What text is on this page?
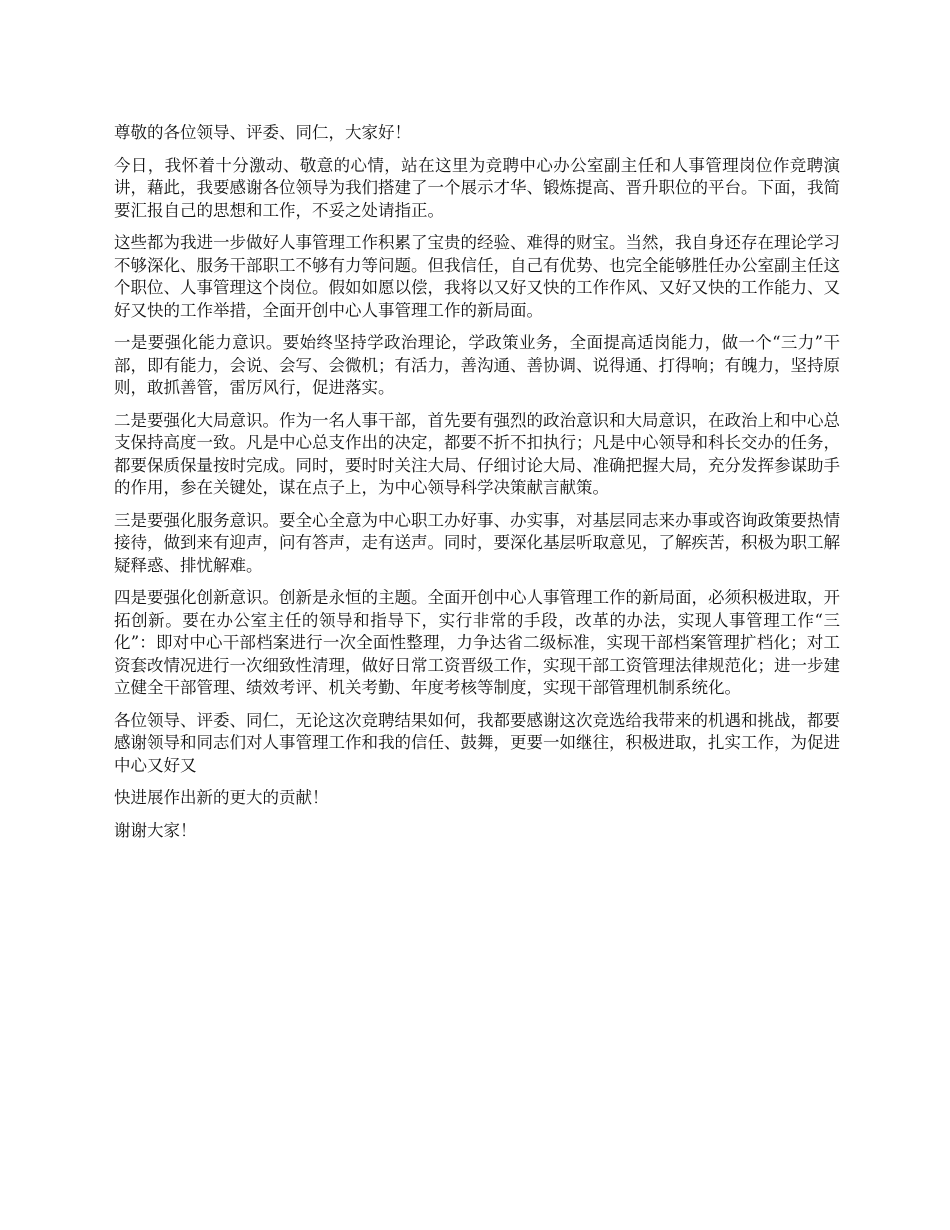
尊敬的各位领导、评委、同仁，大家好！

今日，我怀着十分激动、敬意的心情，站在这里为竞聘中心办公室副主任和人事管理岗位作竞聘演讲，藉此，我要感谢各位领导为我们搭建了一个展示才华、锻炼提高、晋升职位的平台。下面，我简要汇报自己的思想和工作，不妥之处请指正。

这些都为我进一步做好人事管理工作积累了宝贵的经验、难得的财宝。当然，我自身还存在理论学习不够深化、服务干部职工不够有力等问题。但我信任，自己有优势、也完全能够胜任办公室副主任这个职位、人事管理这个岗位。假如如愿以偿，我将以又好又快的工作作风、又好又快的工作能力、又好又快的工作举措，全面开创中心人事管理工作的新局面。

一是要强化能力意识。要始终坚持学政治理论，学政策业务，全面提高适岗能力，做一个“三力”干部，即有能力，会说、会写、会微机；有活力，善沟通、善协调、说得通、打得响；有魄力，坚持原则，敢抓善管，雷厉风行，促进落实。

二是要强化大局意识。作为一名人事干部，首先要有强烈的政治意识和大局意识，在政治上和中心总支保持高度一致。凡是中心总支作出的决定，都要不折不扣执行；凡是中心领导和科长交办的任务，都要保质保量按时完成。同时，要时时关注大局、仔细讨论大局、准确把握大局，充分发挥参谋助手的作用，参在关键处，谋在点子上，为中心领导科学决策献言献策。

三是要强化服务意识。要全心全意为中心职工办好事、办实事，对基层同志来办事或咨询政策要热情接待，做到来有迎声，问有答声，走有送声。同时，要深化基层听取意见，了解疾苦，积极为职工解疑释惑、排忧解难。

四是要强化创新意识。创新是永恒的主题。全面开创中心人事管理工作的新局面，必须积极进取，开拓创新。要在办公室主任的领导和指导下，实行非常的手段，改革的办法，实现人事管理工作“三化”：即对中心干部档案进行一次全面性整理，力争达省二级标准，实现干部档案管理扩档化；对工资套改情况进行一次细致性清理，做好日常工资晋级工作，实现干部工资管理法律规范化；进一步建立健全干部管理、绩效考评、机关考勤、年度考核等制度，实现干部管理机制系统化。

各位领导、评委、同仁，无论这次竞聘结果如何，我都要感谢这次竞选给我带来的机遇和挑战，都要感谢领导和同志们对人事管理工作和我的信任、鼓舞，更要一如继往，积极进取，扎实工作，为促进中心又好又

快进展作出新的更大的贡献！

谢谢大家！
